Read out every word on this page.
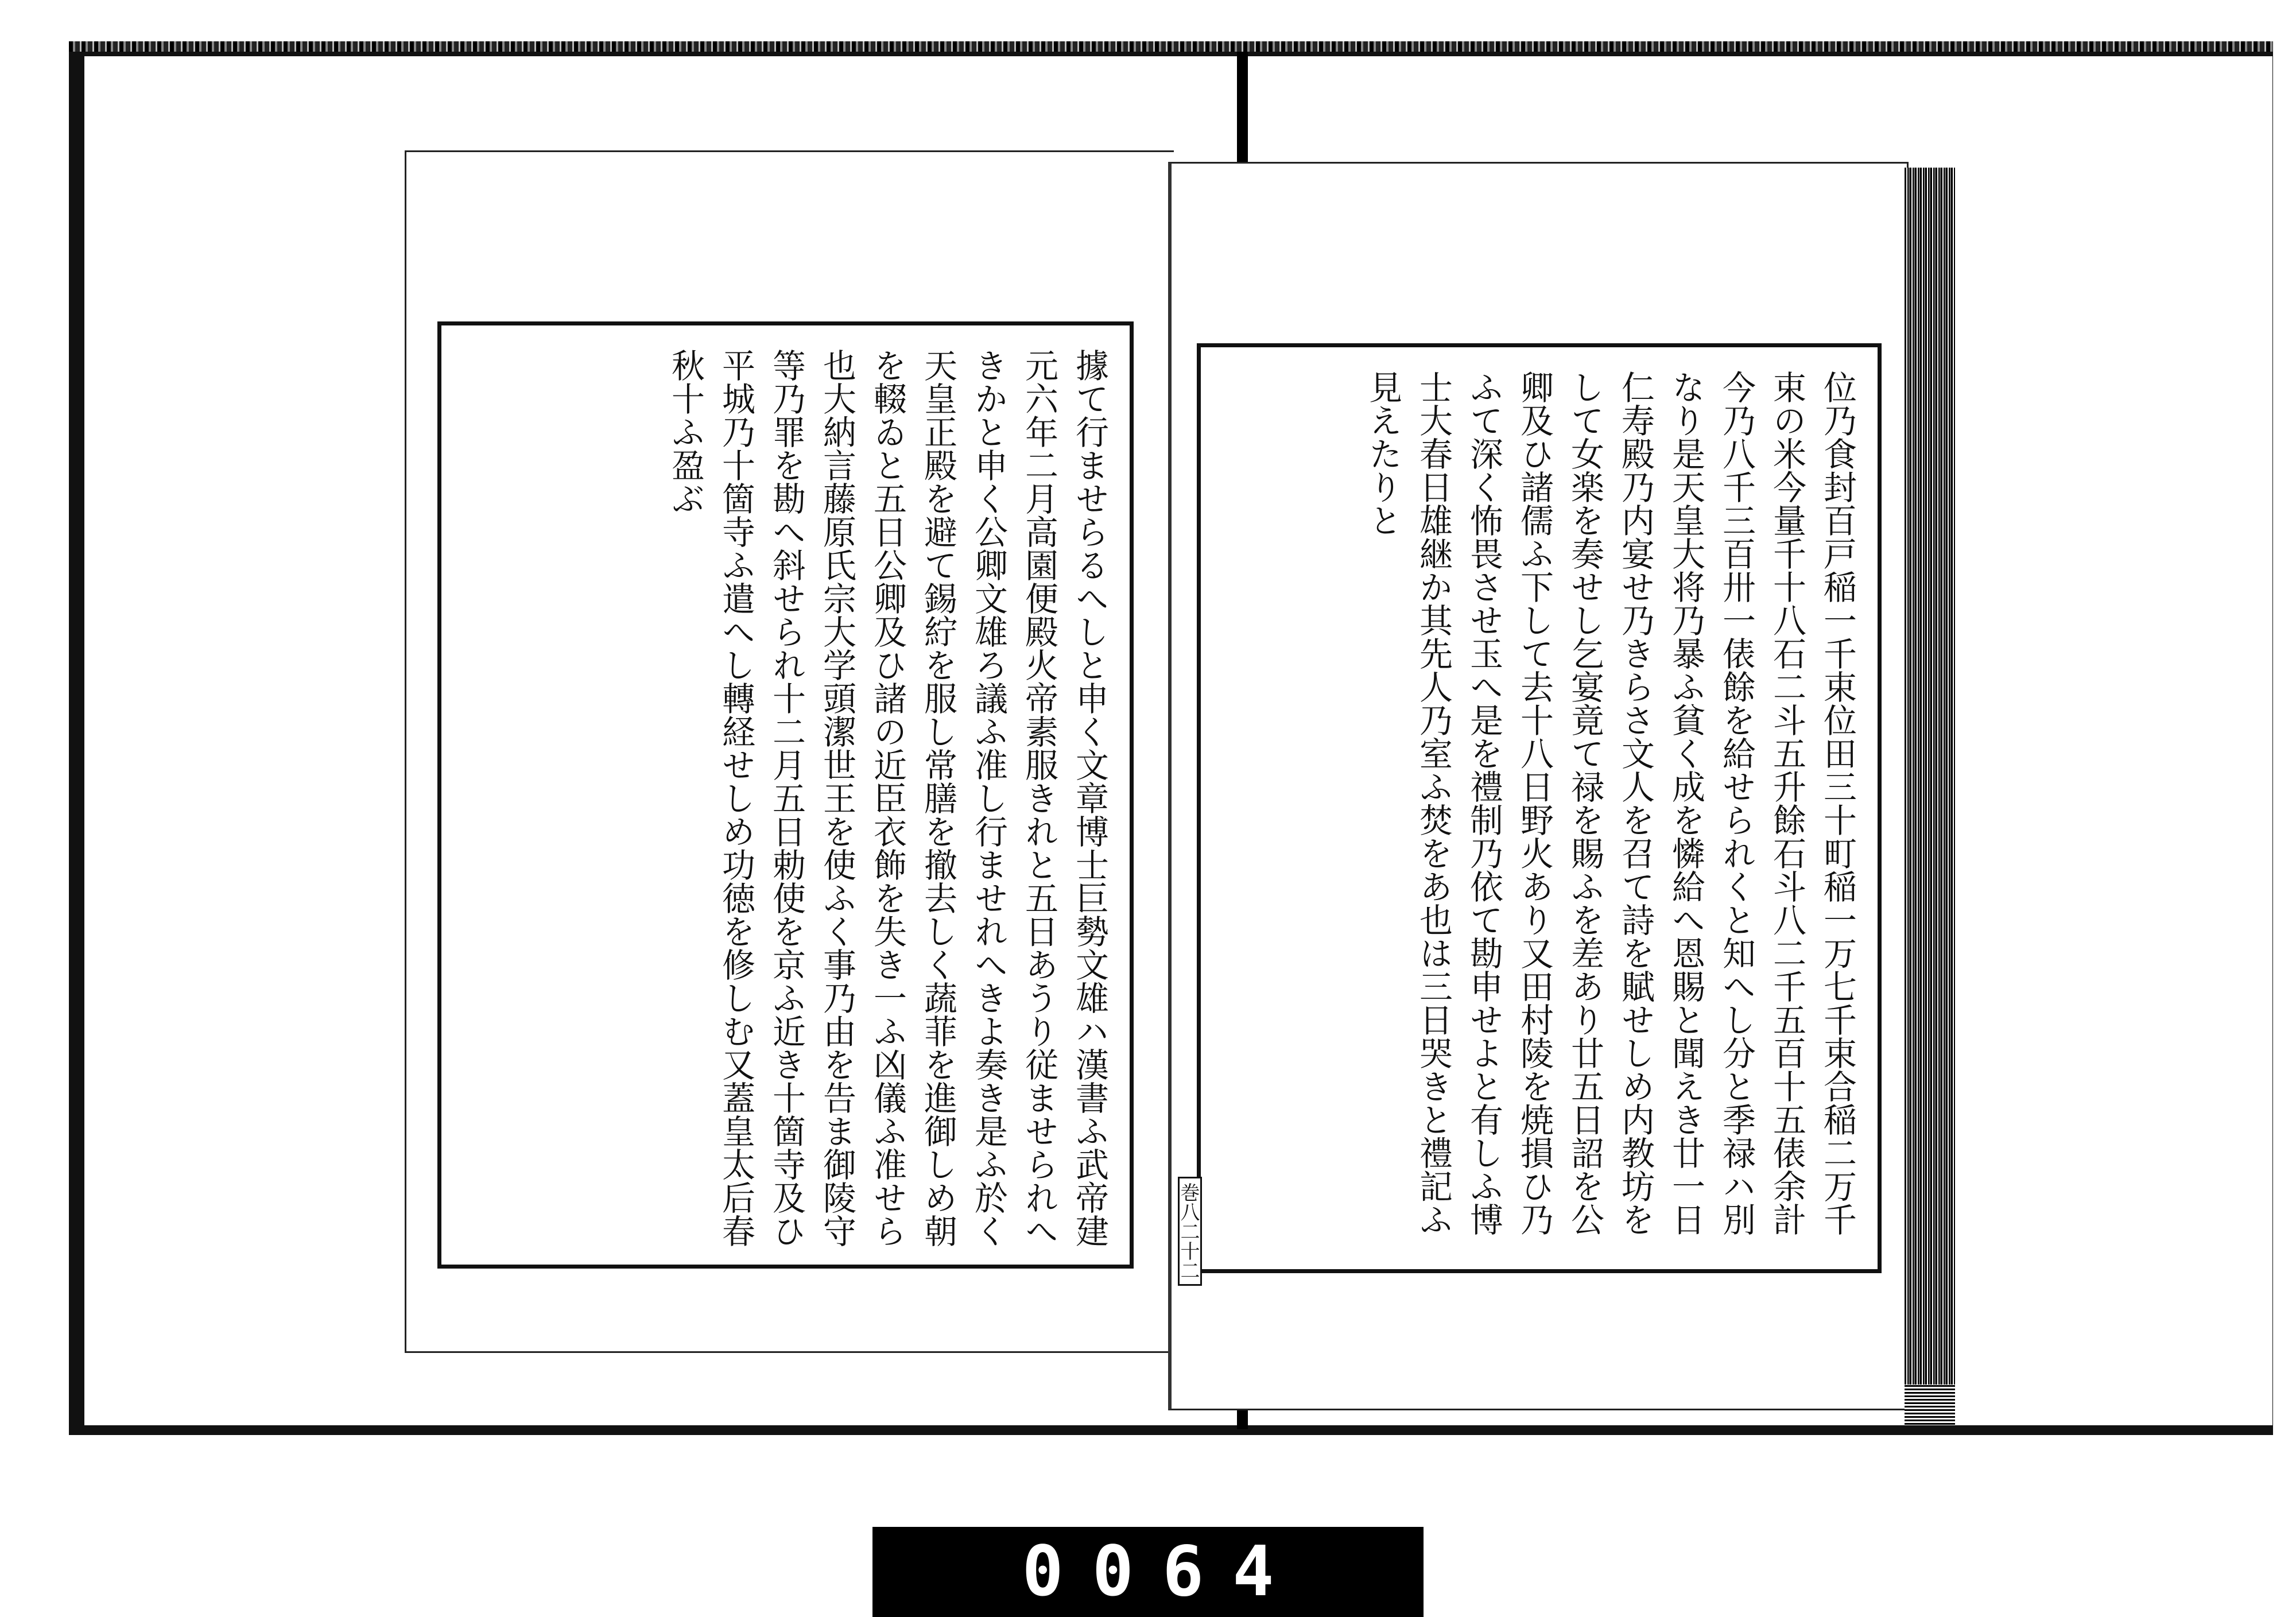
據て行ませらるへしと申く文章博士巨勢文雄ハ漢書ふ武帝建元六年二月高園便殿火帝素服きれと五日あうり従ませられへきかと申く公卿文雄ろ議ふ准し行ませれへきよ奏き是ふ於く天皇正殿を避て錫紵を服し常膳を撤去しく蔬菲を進御しめ朝を輟ゐと五日公卿及ひ諸の近臣衣飾を失き一ふ凶儀ふ准せら也大納言藤原氏宗大学頭潔世王を使ふく事乃由を告ま御陵守等乃罪を勘へ斜せられ十二月五日勅使を京ふ近き十箇寺及ひ平城乃十箇寺ふ遣へし轉経せしめ功徳を修しむ又蓋皇太后春秋十ふ盈ぶ	位乃食封百戸稲一千束位田三十町稲一万七千束合稲二万千束の米今量千十八石二斗五升餘石斗八二千五百十五俵余計今乃八千三百卅一俵餘を給せられくと知へし分と季禄ハ別なり是天皇大将乃暴ふ貧く成を憐給へ恩賜と聞えき廿一日仁寿殿乃内宴せ乃きらさ文人を召て詩を賦せしめ内教坊をして女楽を奏せし乞宴竟て禄を賜ふを差あり廿五日詔を公卿及ひ諸儒ふ下して去十八日野火あり又田村陵を焼損ひ乃ふて深く怖畏させ玉へ是を禮制乃依て勘申せよと有しふ博士大春日雄継か其先人乃室ふ焚をあ也は三日哭きと禮記ふ見えたりと
巻八二十二
0064
